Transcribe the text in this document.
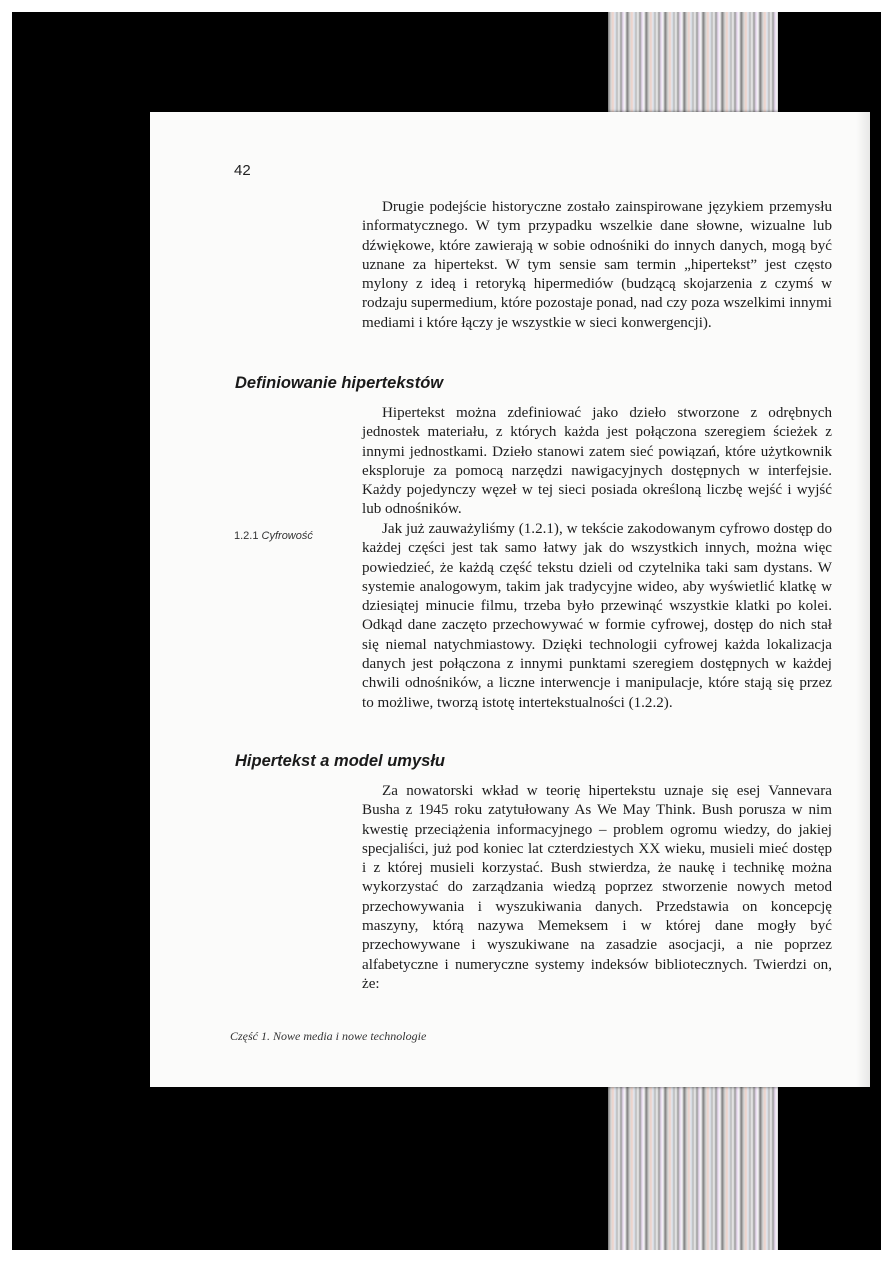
42

Drugie podejście historyczne zostało zainspirowane językiem przemysłu informatycznego. W tym przypadku wszelkie dane słowne, wizualne lub dźwiękowe, które zawierają w sobie odnośniki do innych danych, mogą być uznane za hipertekst. W tym sensie sam termin „hipertekst” jest często mylony z ideą i retoryką hipermediów (budzącą skojarzenia z czymś w rodzaju supermedium, które pozostaje ponad, nad czy poza wszelkimi innymi mediami i które łączy je wszystkie w sieci konwergencji).

Definiowanie hipertekstów

Hipertekst można zdefiniować jako dzieło stworzone z odrębnych jednostek materiału, z których każda jest połączona szeregiem ścieżek z innymi jednostkami. Dzieło stanowi zatem sieć powiązań, które użytkownik eksploruje za pomocą narzędzi nawigacyjnych dostępnych w interfejsie. Każdy pojedynczy węzeł w tej sieci posiada określoną liczbę wejść i wyjść lub odnośników.

1.2.1 Cyfrowość	Jak już zauważyliśmy (1.2.1), w tekście zakodowanym cyfrowo dostęp do każdej części jest tak samo łatwy jak do wszystkich innych, można więc powiedzieć, że każdą część tekstu dzieli od czytelnika taki sam dystans. W systemie analogowym, takim jak tradycyjne wideo, aby wyświetlić klatkę w dziesiątej minucie filmu, trzeba było przewinąć wszystkie klatki po kolei. Odkąd dane zaczęto przechowywać w formie cyfrowej, dostęp do nich stał się niemal natychmiastowy. Dzięki technologii cyfrowej każda lokalizacja danych jest połączona z innymi punktami szeregiem dostępnych w każdej chwili odnośników, a liczne interwencje i manipulacje, które stają się przez to możliwe, tworzą istotę intertekstualności (1.2.2).

Hipertekst a model umysłu

Za nowatorski wkład w teorię hipertekstu uznaje się esej Vannevara Busha z 1945 roku zatytułowany As We May Think. Bush porusza w nim kwestię przeciążenia informacyjnego – problem ogromu wiedzy, do jakiej specjaliści, już pod koniec lat czterdziestych XX wieku, musieli mieć dostęp i z której musieli korzystać. Bush stwierdza, że naukę i technikę można wykorzystać do zarządzania wiedzą poprzez stworzenie nowych metod przechowywania i wyszukiwania danych. Przedstawia on koncepcję maszyny, którą nazywa Memeksem i w której dane mogły być przechowywane i wyszukiwane na zasadzie asocjacji, a nie poprzez alfabetyczne i numeryczne systemy indeksów bibliotecznych. Twierdzi on, że:

Część 1. Nowe media i nowe technologie
